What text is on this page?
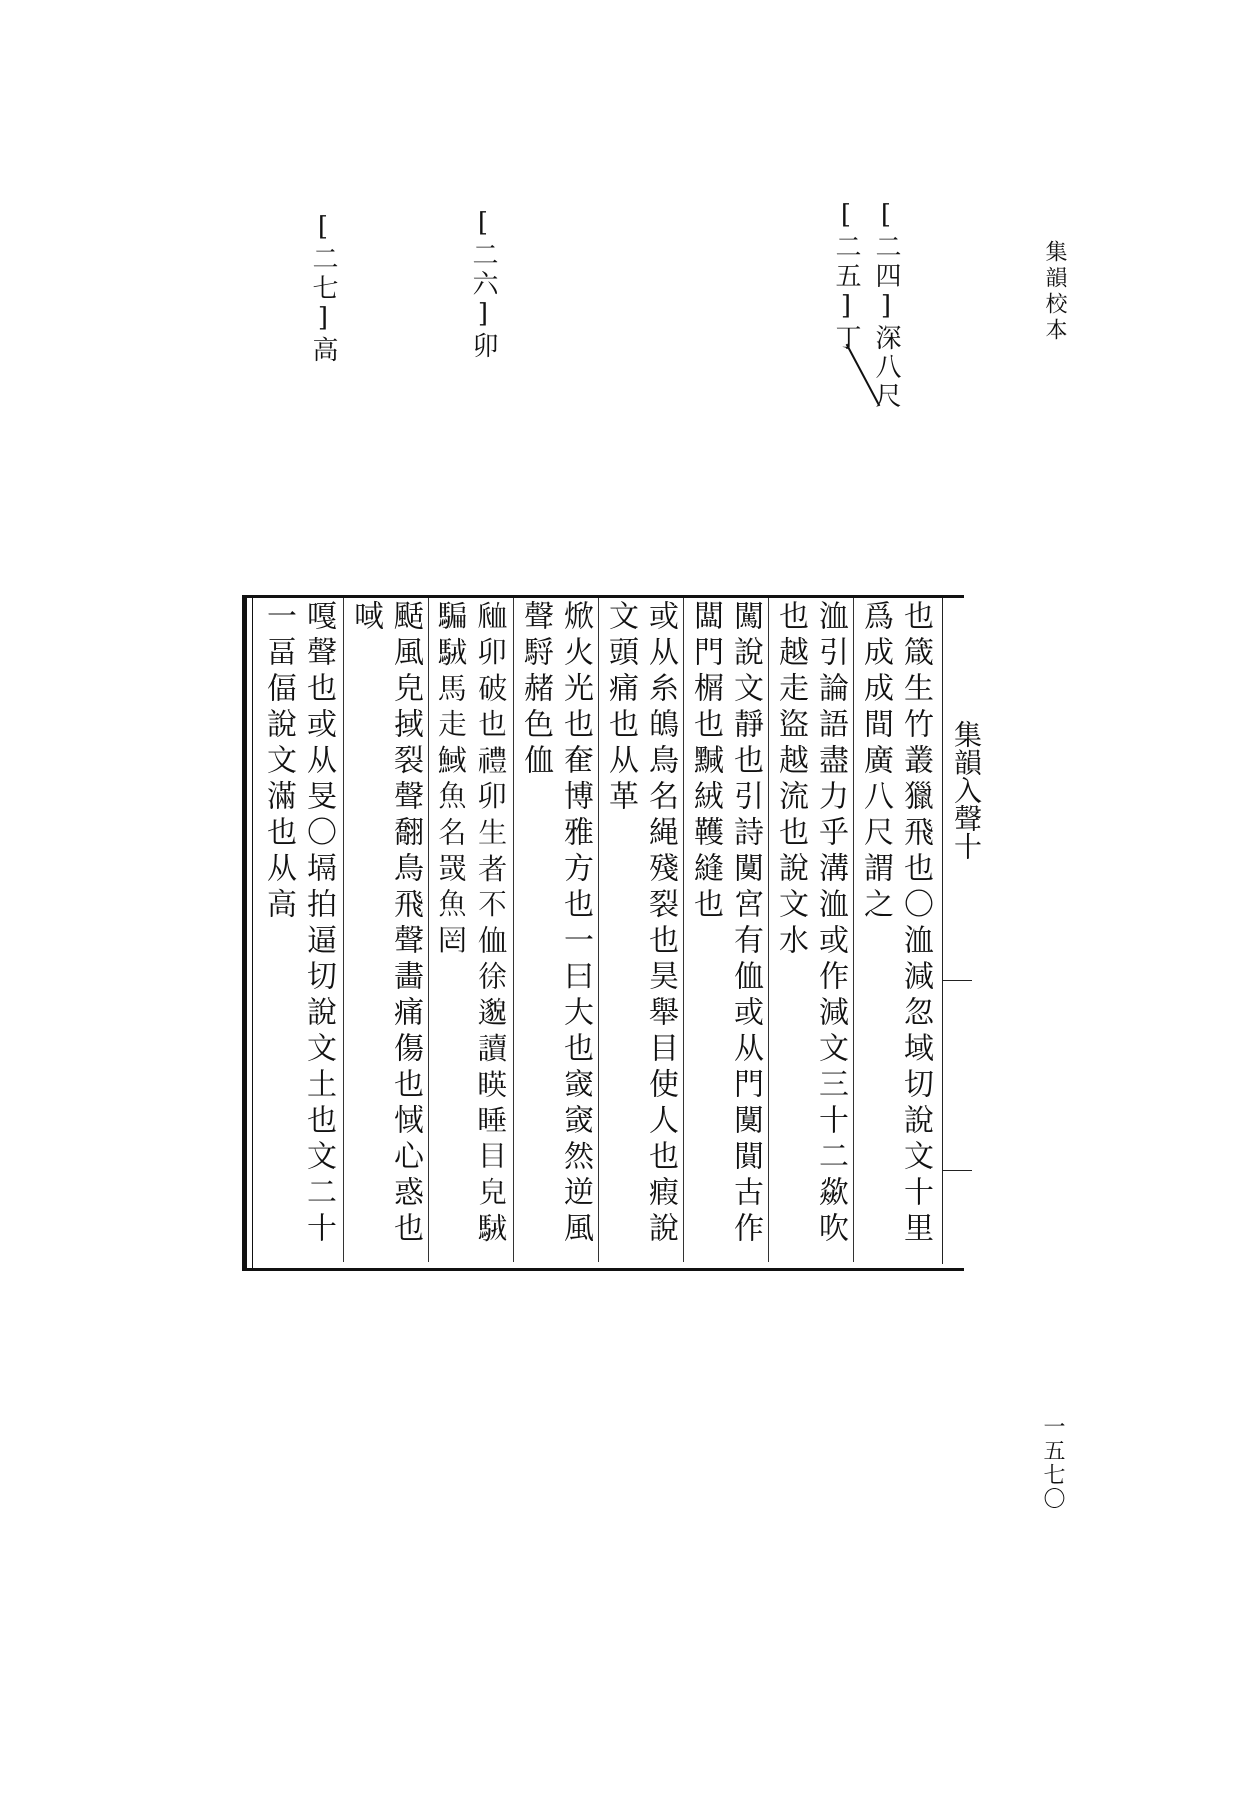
集韻校本
一五七〇
[二四]深八尺
[二五]丁
[二六]卯
[二七]高
集韻入聲十
也箴生竹叢獵飛也〇洫減忽域切說文十里爲成成間廣八尺謂之
洫引論語盡力乎溝洫或作減文三十二歘吹也越走盜越流也說文水
闖說文靜也引詩闃宮有侐或从門闃閴古作闆門榍也黬絨韄縫也
或从糸䳆鳥名䋲殘裂也昊舉目使人也瘕說文頭痛也从革
焮火光也奞博雅方也一曰大也窢窢然逆風聲䮑赭色侐
𧖴卯破也禮卯生者不侐徐邈讀䁐睡目皃駥騙駥馬走䱛魚名罭魚罔
颳風皃掝裂聲䎗鳥飛聲畵痛傷也惐心惑也㖪
嘎聲也或从旻〇塥拍逼切說文土也文二十一畐偪說文滿也从高
